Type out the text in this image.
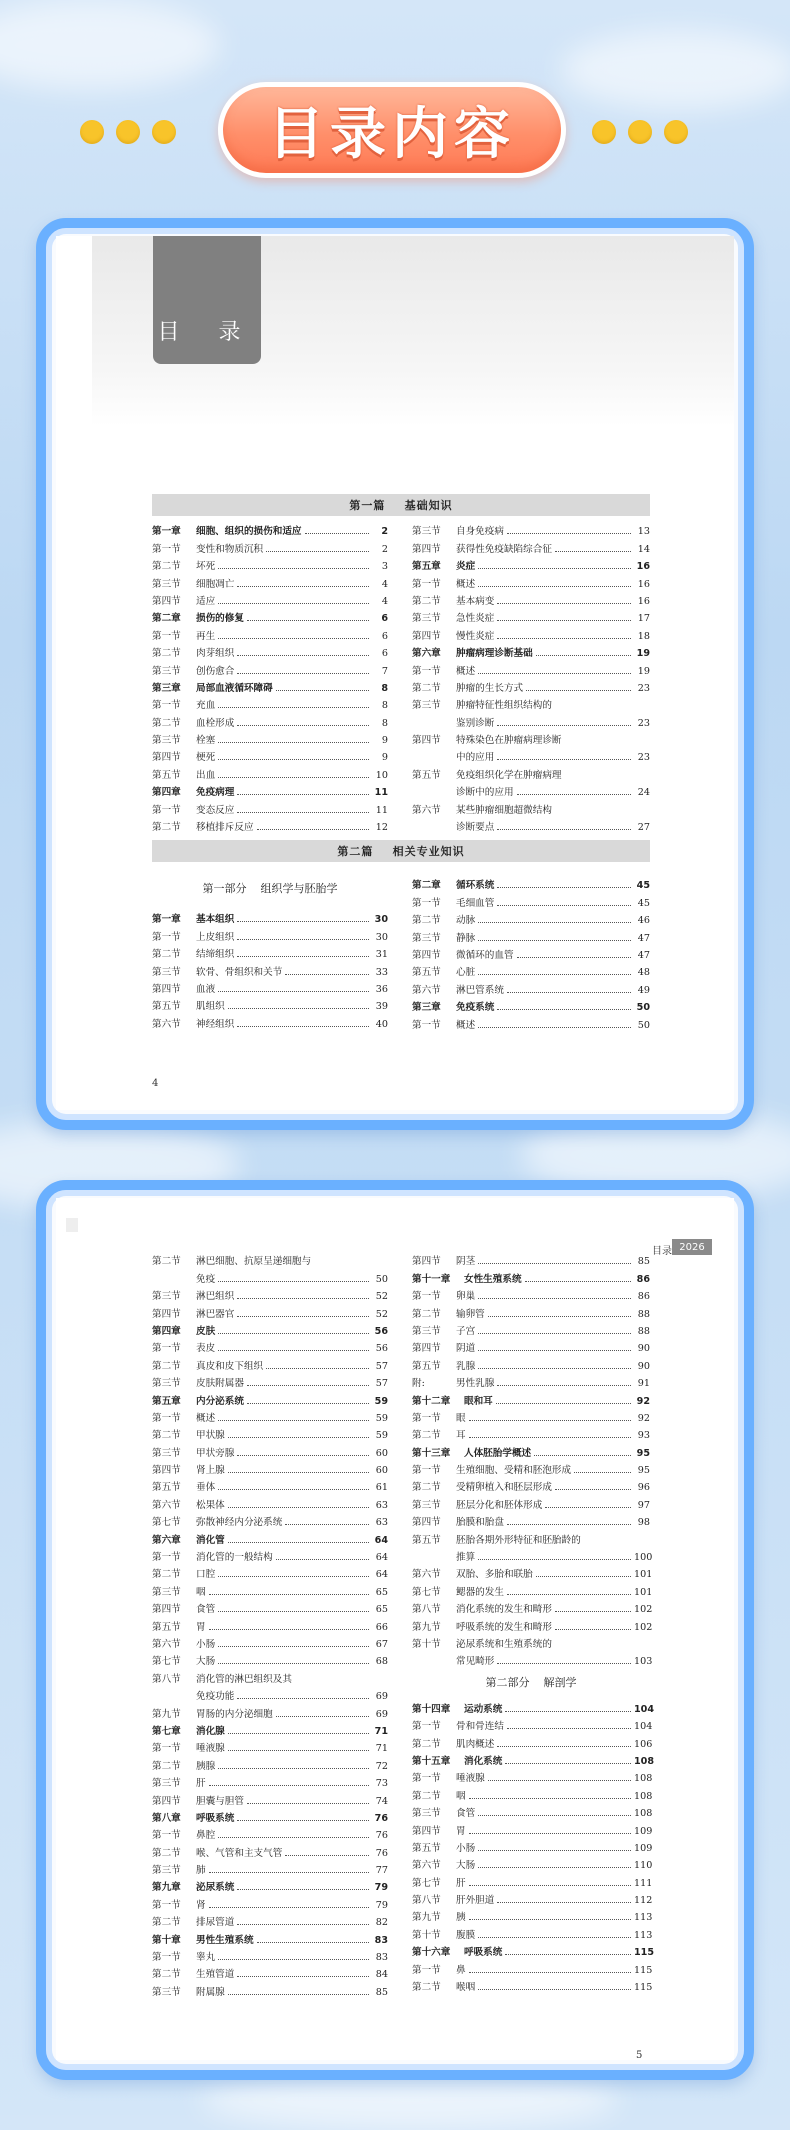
目录内容
目 录
第一篇    基础知识
第一章	细胞、组织的损伤和适应	2
第一节	变性和物质沉积	2
第二节	坏死	3
第三节	细胞凋亡	4
第四节	适应	4
第二章	损伤的修复	6
第一节	再生	6
第二节	肉芽组织	6
第三节	创伤愈合	7
第三章	局部血液循环障碍	8
第一节	充血	8
第二节	血栓形成	8
第三节	栓塞	9
第四节	梗死	9
第五节	出血	10
第四章	免疫病理	11
第一节	变态反应	11
第二节	移植排斥反应	12
第三节	自身免疫病	13
第四节	获得性免疫缺陷综合征	14
第五章	炎症	16
第一节	概述	16
第二节	基本病变	16
第三节	急性炎症	17
第四节	慢性炎症	18
第六章	肿瘤病理诊断基础	19
第一节	概述	19
第二节	肿瘤的生长方式	23
第三节	肿瘤特征性组织结构的
鉴别诊断	23
第四节	特殊染色在肿瘤病理诊断
中的应用	23
第五节	免疫组织化学在肿瘤病理
诊断中的应用	24
第六节	某些肿瘤细胞超微结构
诊断要点	27
第二篇    相关专业知识
第一部分    组织学与胚胎学
第一章	基本组织	30
第一节	上皮组织	30
第二节	结缔组织	31
第三节	软骨、骨组织和关节	33
第四节	血液	36
第五节	肌组织	39
第六节	神经组织	40
第二章	循环系统	45
第一节	毛细血管	45
第二节	动脉	46
第三节	静脉	47
第四节	微循环的血管	47
第五节	心脏	48
第六节	淋巴管系统	49
第三章	免疫系统	50
第一节	概述	50
4
目录 2026
第二节	淋巴细胞、抗原呈递细胞与
免疫	50
第三节	淋巴组织	52
第四节	淋巴器官	52
第四章	皮肤	56
第一节	表皮	56
第二节	真皮和皮下组织	57
第三节	皮肤附属器	57
第五章	内分泌系统	59
第一节	概述	59
第二节	甲状腺	59
第三节	甲状旁腺	60
第四节	肾上腺	60
第五节	垂体	61
第六节	松果体	63
第七节	弥散神经内分泌系统	63
第六章	消化管	64
第一节	消化管的一般结构	64
第二节	口腔	64
第三节	咽	65
第四节	食管	65
第五节	胃	66
第六节	小肠	67
第七节	大肠	68
第八节	消化管的淋巴组织及其
免疫功能	69
第九节	胃肠的内分泌细胞	69
第七章	消化腺	71
第一节	唾液腺	71
第二节	胰腺	72
第三节	肝	73
第四节	胆囊与胆管	74
第八章	呼吸系统	76
第一节	鼻腔	76
第二节	喉、气管和主支气管	76
第三节	肺	77
第九章	泌尿系统	79
第一节	肾	79
第二节	排尿管道	82
第十章	男性生殖系统	83
第一节	睾丸	83
第二节	生殖管道	84
第三节	附属腺	85
第四节	阴茎	85
第十一章	女性生殖系统	86
第一节	卵巢	86
第二节	输卵管	88
第三节	子宫	88
第四节	阴道	90
第五节	乳腺	90
附:	男性乳腺	91
第十二章	眼和耳	92
第一节	眼	92
第二节	耳	93
第十三章	人体胚胎学概述	95
第一节	生殖细胞、受精和胚泡形成	95
第二节	受精卵植入和胚层形成	96
第三节	胚层分化和胚体形成	97
第四节	胎膜和胎盘	98
第五节	胚胎各期外形特征和胚胎龄的
推算	100
第六节	双胎、多胎和联胎	101
第七节	鳃器的发生	101
第八节	消化系统的发生和畸形	102
第九节	呼吸系统的发生和畸形	102
第十节	泌尿系统和生殖系统的
常见畸形	103
第二部分    解剖学
第十四章	运动系统	104
第一节	骨和骨连结	104
第二节	肌肉概述	106
第十五章	消化系统	108
第一节	唾液腺	108
第二节	咽	108
第三节	食管	108
第四节	胃	109
第五节	小肠	109
第六节	大肠	110
第七节	肝	111
第八节	肝外胆道	112
第九节	胰	113
第十节	腹膜	113
第十六章	呼吸系统	115
第一节	鼻	115
第二节	喉咽	115
5
